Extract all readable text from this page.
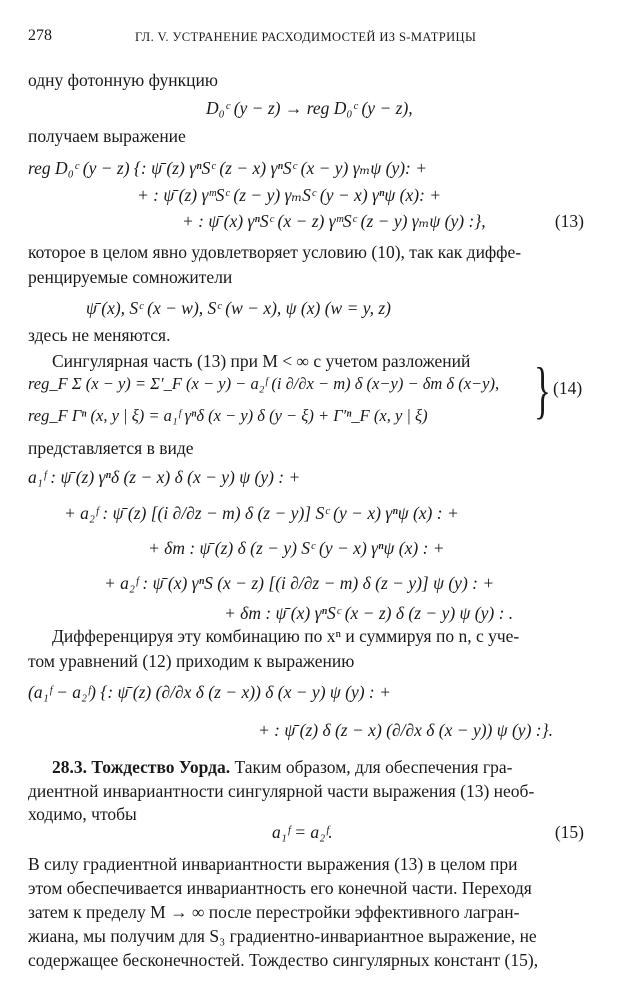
278	ГЛ. V. УСТРАНЕНИЕ РАСХОДИМОСТЕЙ ИЗ S-МАТРИЦЫ
одну фотонную функцию
D₀ᶜ (y − z) → reg D₀ᶜ (y − z),
получаем выражение
reg D₀ᶜ (y − z) {: ψ̄ (z) γⁿSᶜ (z − x) γⁿSᶜ (x − y) γₘψ (y): +
+ : ψ̄ (z) γᵐSᶜ (z − y) γₘSᶜ (y − x) γⁿψ (x): +
+ : ψ̄ (x) γⁿSᶜ (x − z) γᵐSᶜ (z − y) γₘψ (y) :},	(13)
которое в целом явно удовлетворяет условию (10), так как диффе-
ренцируемые сомножители
ψ̄ (x), Sᶜ (x − w), Sᶜ (w − x), ψ (x) (w = y, z)
здесь не меняются.
Сингулярная часть (13) при M < ∞ с учетом разложений
reg_F Σ (x − y) = Σ′_F (x − y) − a₂ᶠ (i ∂/∂x − m) δ (x−y) − δm δ (x−y),
reg_F Γⁿ (x, y | ξ) = a₁ᶠ γⁿδ (x − y) δ (y − ξ) + Γ′ⁿ_F (x, y | ξ) } (14)
представляется в виде
a₁ᶠ : ψ̄ (z) γⁿδ (z − x) δ (x − y) ψ (y) : +
+ a₂ᶠ : ψ̄ (z) [(i ∂/∂z − m) δ (z − y)] Sᶜ (y − x) γⁿψ (x) : +
+ δm : ψ̄ (z) δ (z − y) Sᶜ (y − x) γⁿψ (x) : +
+ a₂ᶠ : ψ̄ (x) γⁿS (x − z) [(i ∂/∂z − m) δ (z − y)] ψ (y) : +
+ δm : ψ̄ (x) γⁿSᶜ (x − z) δ (z − y) ψ (y) : .
Дифференцируя эту комбинацию по xⁿ и суммируя по n, с уче-
том уравнений (12) приходим к выражению
(a₁ᶠ − a₂ᶠ) {: ψ̄ (z) (∂/∂x δ (z − x)) δ (x − y) ψ (y) : +
+ : ψ̄ (z) δ (z − x) (∂/∂x δ (x − y)) ψ (y) :}.
28.3. Тождество Уорда. Таким образом, для обеспечения гра-
диентной инвариантности сингулярной части выражения (13) необ-
ходимо, чтобы
a₁ᶠ = a₂ᶠ.	(15)
В силу градиентной инвариантности выражения (13) в целом при
этом обеспечивается инвариантность его конечной части. Переходя
затем к пределу M → ∞ после перестройки эффективного лагран-
жиана, мы получим для S₃ градиентно-инвариантное выражение, не
содержащее бесконечностей. Тождество сингулярных констант (15),
